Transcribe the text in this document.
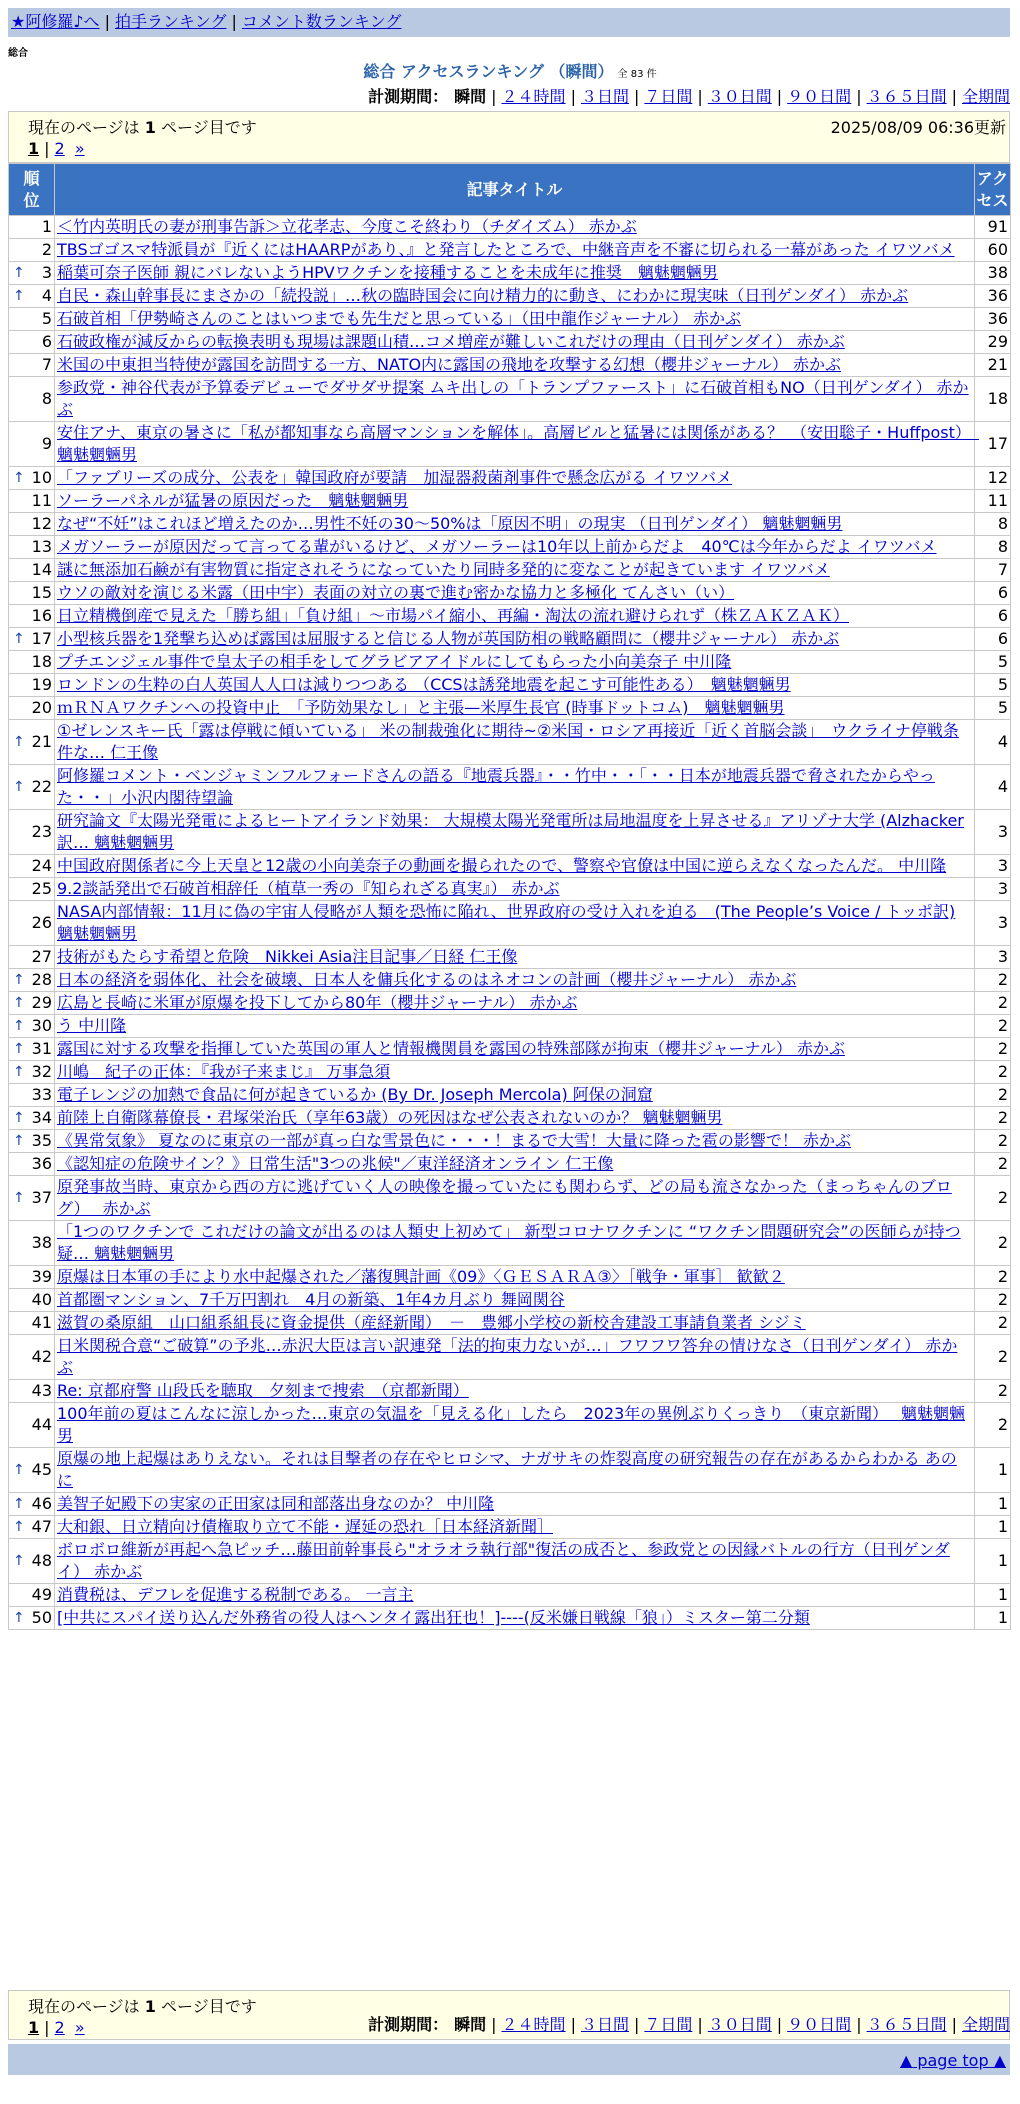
★阿修羅♪へ | 拍手ランキング | コメント数ランキング
総合
総合 アクセスランキング （瞬間） 全 83 件
計測期間： 瞬間 | ２４時間 | ３日間 | ７日間 | ３０日間 | ９０日間 | ３６５日間 | 全期間
現在のページは 1 ページ目です
1 | 2 »
2025/08/09 06:36更新
順
位	記事タイトル	アク
セス
1	＜竹内英明氏の妻が刑事告訴＞立花孝志、今度こそ終わり（チダイズム） 赤かぶ	91
2	TBSゴゴスマ特派員が『近くにはHAARPがあり、』と発言したところで、中継音声を不審に切られる一幕があった イワツバメ	60

↑ 3	稲葉可奈子医師 親にバレないようHPVワクチンを接種することを未成年に推奨　魑魅魍魎男	38

↑ 4	自民・森山幹事長にまさかの「続投説」…秋の臨時国会に向け精力的に動き、にわかに現実味（日刊ゲンダイ） 赤かぶ	36
5	石破首相「伊勢崎さんのことはいつまでも先生だと思っている」（田中龍作ジャーナル） 赤かぶ	36
6	石破政権が減反からの転換表明も現場は課題山積…コメ増産が難しいこれだけの理由（日刊ゲンダイ） 赤かぶ	29
7	米国の中東担当特使が露国を訪問する一方、NATO内に露国の飛地を攻撃する幻想（櫻井ジャーナル） 赤かぶ	21
8	参政党・神谷代表が予算委デビューでダサダサ提案 ムキ出しの「トランプファースト」に石破首相もNO（日刊ゲンダイ） 赤かぶ	18
9	安住アナ、東京の暑さに「私が都知事なら高層マンションを解体」。高層ビルと猛暑には関係がある？　（安田聡子・Huffpost）　魑魅魍魎男	17

↑ 10	「ファブリーズの成分、公表を」韓国政府が要請　加湿器殺菌剤事件で懸念広がる イワツバメ	12
11	ソーラーパネルが猛暑の原因だった　魑魅魍魎男	11
12	なぜ“不妊”はこれほど増えたのか…男性不妊の30～50%は「原因不明」の現実 （日刊ゲンダイ） 魑魅魍魎男	8
13	メガソーラーが原因だって言ってる輩がいるけど、メガソーラーは10年以上前からだよ　40℃は今年からだよ イワツバメ	8
14	謎に無添加石鹸が有害物質に指定されそうになっていたり同時多発的に変なことが起きています イワツバメ	7
15	ウソの敵対を演じる米露（田中宇）表面の対立の裏で進む密かな協力と多極化 てんさい（い）	6
16	日立精機倒産で見えた「勝ち組」「負け組」～市場パイ縮小、再編・淘汰の流れ避けられず（株ＺＡＫＺＡＫ）	6

↑ 17	小型核兵器を1発撃ち込めば露国は屈服すると信じる人物が英国防相の戦略顧問に（櫻井ジャーナル） 赤かぶ	6
18	プチエンジェル事件で皇太子の相手をしてグラビアアイドルにしてもらった小向美奈子 中川隆	5
19	ロンドンの生粋の白人英国人人口は減りつつある （CCSは誘発地震を起こす可能性ある）　魑魅魍魎男	5
20	ｍＲＮＡワクチンへの投資中止　「予防効果なし」と主張—米厚生長官 (時事ドットコム)　魑魅魍魎男	5

↑ 21	①ゼレンスキー氏「露は停戦に傾いている」 米の制裁強化に期待~②米国・ロシア再接近「近く首脳会談」　ウクライナ停戦条件な… 仁王像	4

↑ 22	阿修羅コメント・ベンジャミンフルフォードさんの語る『地震兵器』・・竹中・・「・・日本が地震兵器で脅されたからやった・・」小沢内閣待望論	4
23	研究論文『太陽光発電によるヒートアイランド効果： 大規模太陽光発電所は局地温度を上昇させる』アリゾナ大学 (Alzhacker訳… 魑魅魍魎男	3
24	中国政府関係者に今上天皇と12歳の小向美奈子の動画を撮られたので、警察や官僚は中国に逆らえなくなったんだ。 中川隆	3
25	9.2談話発出で石破首相辞任（植草一秀の『知られざる真実』） 赤かぶ	3
26	NASA内部情報：11月に偽の宇宙人侵略が人類を恐怖に陥れ、世界政府の受け入れを迫る　(The People’s Voice / トッポ訳) 魑魅魍魎男	3
27	技術がもたらす希望と危険　Nikkei Asia注目記事／日経 仁王像	3

↑ 28	日本の経済を弱体化、社会を破壊、日本人を傭兵化するのはネオコンの計画（櫻井ジャーナル） 赤かぶ	2

↑ 29	広島と長崎に米軍が原爆を投下してから80年（櫻井ジャーナル） 赤かぶ	2

↑ 30	う 中川隆	2

↑ 31	露国に対する攻撃を指揮していた英国の軍人と情報機関員を露国の特殊部隊が拘束（櫻井ジャーナル） 赤かぶ	2

↑ 32	川嶋　紀子の正体：『我が子来まじ』 万事急須	2
33	電子レンジの加熱で食品に何が起きているか (By Dr. Joseph Mercola) 阿保の洞窟	2

↑ 34	前陸上自衛隊幕僚長・君塚栄治氏（享年63歳）の死因はなぜ公表されないのか？ 魑魅魍魎男	2

↑ 35	《異常気象》 夏なのに東京の一部が真っ白な雪景色に・・・！まるで大雪！大量に降った雹の影響で！ 赤かぶ	2
36	《認知症の危険サイン？》日常生活"3つの兆候"／東洋経済オンライン 仁王像	2

↑ 37	原発事故当時、東京から西の方に逃げていく人の映像を撮っていたにも関わらず、どの局も流さなかった（まっちゃんのブログ）　 赤かぶ	2
38	「1つのワクチンで これだけの論文が出るのは人類史上初めて」 新型コロナワクチンに “ワクチン問題研究会”の医師らが持つ疑… 魑魅魍魎男	2
39	原爆は日本軍の手により水中起爆された／藩復興計画《09》〈ＧＥＳＡＲＡ③〉［戦争・軍事］ 歓歓２	2
40	首都圏マンション、7千万円割れ　4月の新築、1年4カ月ぶり 舞岡関谷	2
41	滋賀の桑原組　山口組系組長に資金提供（産経新聞）　－　豊郷小学校の新校舎建設工事請負業者 シジミ	2
42	日米関税合意“ご破算”の予兆…赤沢大臣は言い訳連発「法的拘束力ないが…」フワフワ答弁の情けなさ（日刊ゲンダイ） 赤かぶ	2
43	Re: 京都府警 山段氏を聴取　夕刻まで捜索　（京都新聞）	2
44	100年前の夏はこんなに涼しかった…東京の気温を「見える化」したら　2023年の異例ぶりくっきり　（東京新聞）　 魑魅魍魎男	2

↑ 45	原爆の地上起爆はありえない。それは目撃者の存在やヒロシマ、ナガサキの炸裂高度の研究報告の存在があるからわかる あのに	1

↑ 46	美智子妃殿下の実家の正田家は同和部落出身なのか？ 中川隆	1

↑ 47	大和銀、日立精向け債権取り立て不能・遅延の恐れ［日本経済新聞］	1

↑ 48	ボロボロ維新が再起へ急ピッチ…藤田前幹事長ら"オラオラ執行部"復活の成否と、参政党との因縁バトルの行方（日刊ゲンダイ） 赤かぶ	1
49	消費税は、デフレを促進する税制である。 一言主	1

↑ 50	[中共にスパイ送り込んだ外務省の役人はヘンタイ露出狂也！]----(反米嫌日戦線「狼」）ミスター第二分類	1
現在のページは 1 ページ目です
1 | 2 »	計測期間： 瞬間 | ２４時間 | ３日間 | ７日間 | ３０日間 | ９０日間 | ３６５日間 | 全期間
▲ page top ▲
